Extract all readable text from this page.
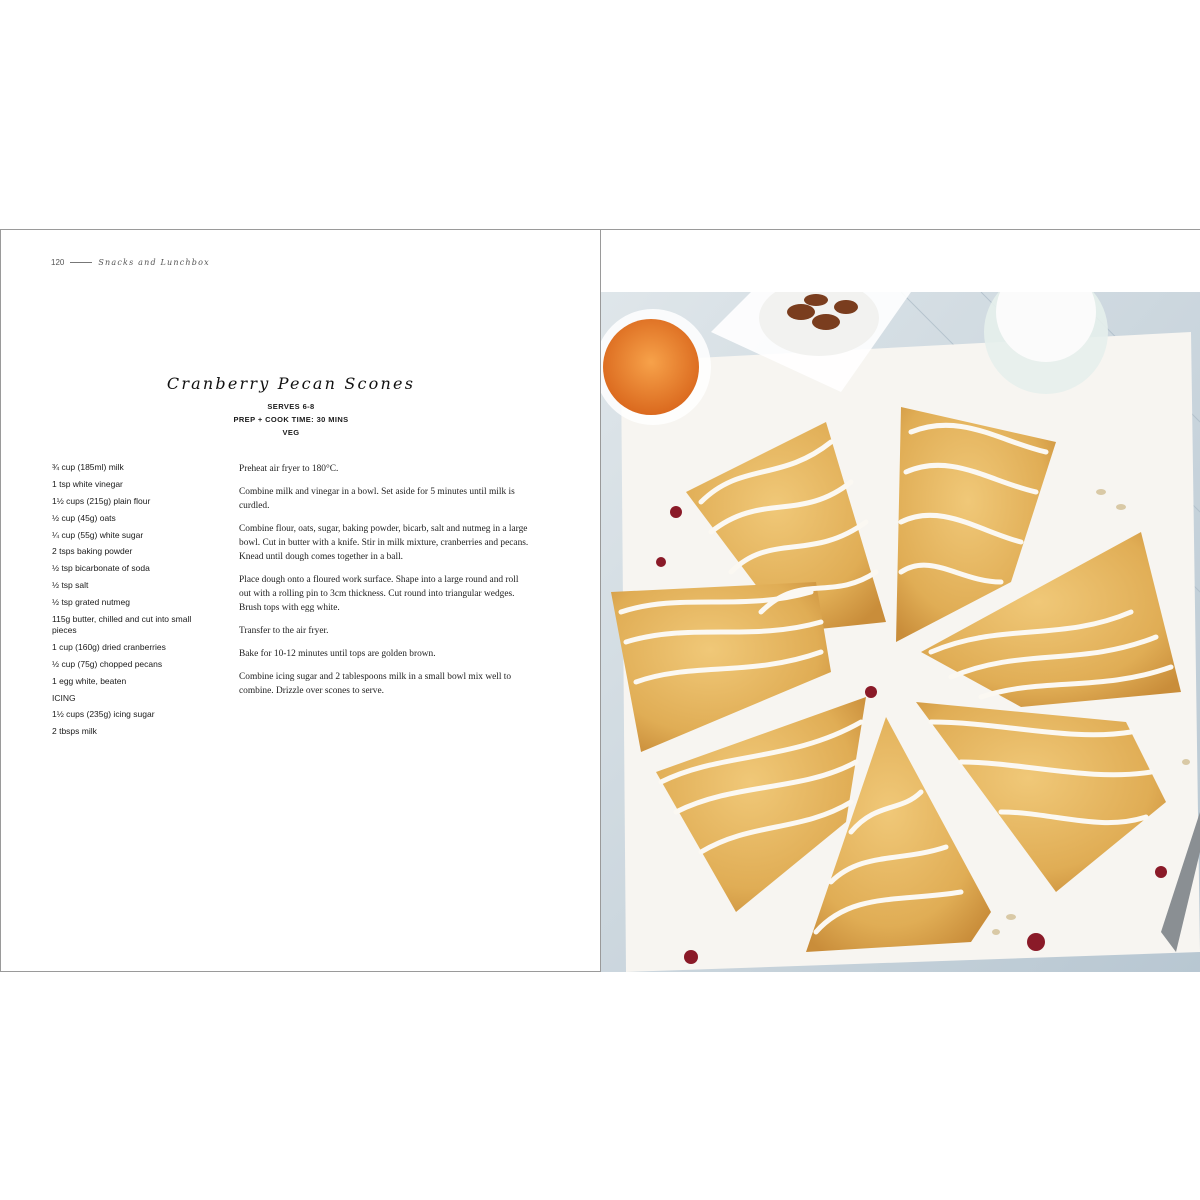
120	Snacks and Lunchbox
Cranberry Pecan Scones
SERVES 6-8
PREP + COOK TIME: 30 MINS
VEG
¾ cup (185ml) milk
1 tsp white vinegar
1½ cups (215g) plain flour
½ cup (45g) oats
¼ cup (55g) white sugar
2 tsps baking powder
½ tsp bicarbonate of soda
½ tsp salt
½ tsp grated nutmeg
115g butter, chilled and cut into small pieces
1 cup (160g) dried cranberries
½ cup (75g) chopped pecans
1 egg white, beaten
ICING
1½ cups (235g) icing sugar
2 tbsps milk

Preheat air fryer to 180°C.

Combine milk and vinegar in a bowl. Set aside for 5 minutes until milk is curdled.

Combine flour, oats, sugar, baking powder, bicarb, salt and nutmeg in a large bowl. Cut in butter with a knife. Stir in milk mixture, cranberries and pecans. Knead until dough comes together in a ball.

Place dough onto a floured work surface. Shape into a large round and roll out with a rolling pin to 3cm thickness. Cut round into triangular wedges. Brush tops with egg white.

Transfer to the air fryer.

Bake for 10-12 minutes until tops are golden brown.

Combine icing sugar and 2 tablespoons milk in a small bowl mix well to combine. Drizzle over scones to serve.
